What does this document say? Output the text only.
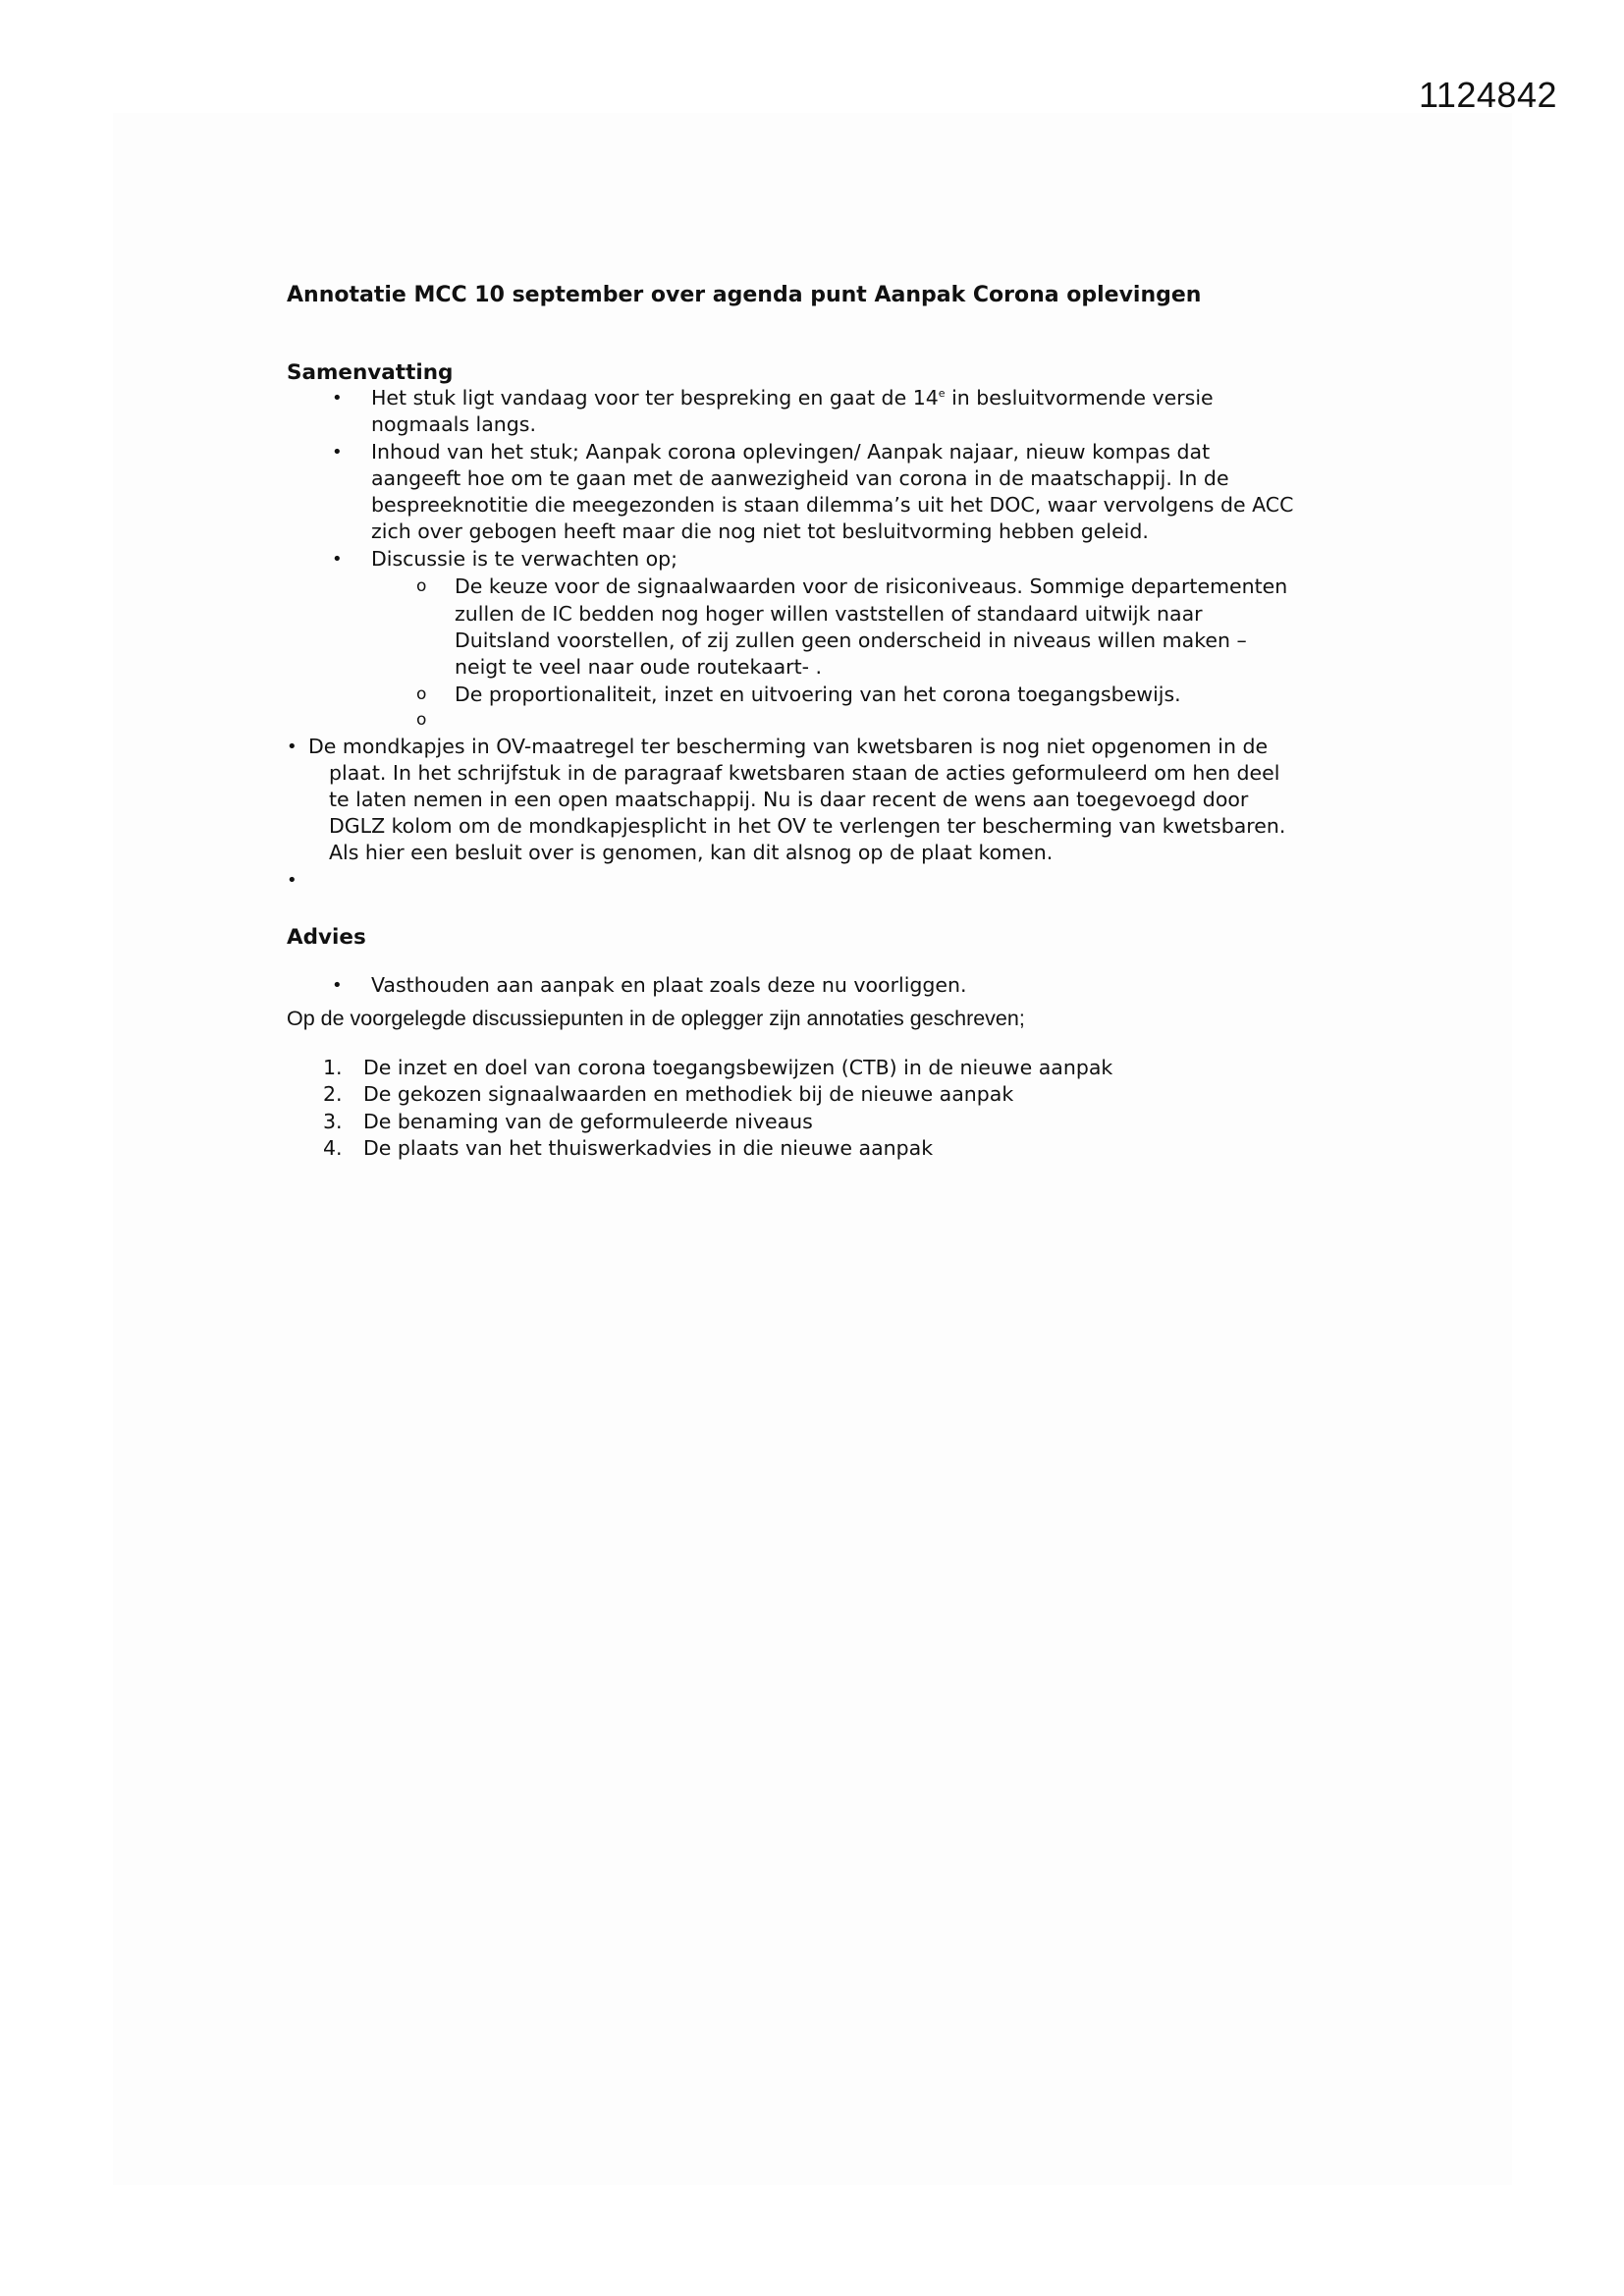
1124842
Annotatie MCC 10 september over agenda punt Aanpak Corona oplevingen
Samenvatting
• Het stuk ligt vandaag voor ter bespreking en gaat de 14e in besluitvormende versie
nogmaals langs.
• Inhoud van het stuk; Aanpak corona oplevingen/ Aanpak najaar, nieuw kompas dat
aangeeft hoe om te gaan met de aanwezigheid van corona in de maatschappij. In de
bespreeknotitie die meegezonden is staan dilemma’s uit het DOC, waar vervolgens de ACC
zich over gebogen heeft maar die nog niet tot besluitvorming hebben geleid.
• Discussie is te verwachten op;
o De keuze voor de signaalwaarden voor de risiconiveaus. Sommige departementen
zullen de IC bedden nog hoger willen vaststellen of standaard uitwijk naar
Duitsland voorstellen, of zij zullen geen onderscheid in niveaus willen maken –
neigt te veel naar oude routekaart- .
o De proportionaliteit, inzet en uitvoering van het corona toegangsbewijs.
o
• De mondkapjes in OV-maatregel ter bescherming van kwetsbaren is nog niet opgenomen in de
plaat. In het schrijfstuk in de paragraaf kwetsbaren staan de acties geformuleerd om hen deel
te laten nemen in een open maatschappij. Nu is daar recent de wens aan toegevoegd door
DGLZ kolom om de mondkapjesplicht in het OV te verlengen ter bescherming van kwetsbaren.
Als hier een besluit over is genomen, kan dit alsnog op de plaat komen.
•
Advies
• Vasthouden aan aanpak en plaat zoals deze nu voorliggen.
Op de voorgelegde discussiepunten in de oplegger zijn annotaties geschreven;
1. De inzet en doel van corona toegangsbewijzen (CTB) in de nieuwe aanpak
2. De gekozen signaalwaarden en methodiek bij de nieuwe aanpak
3. De benaming van de geformuleerde niveaus
4. De plaats van het thuiswerkadvies in die nieuwe aanpak
